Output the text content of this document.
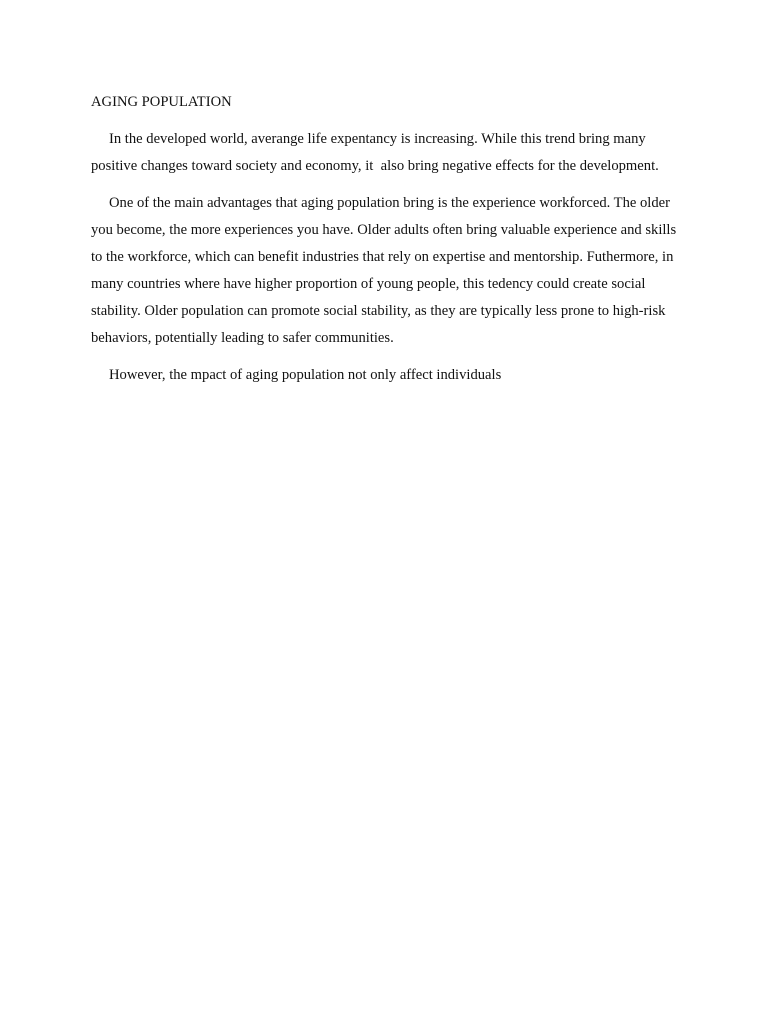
AGING POPULATION

In the developed world, averange life expentancy is increasing. While this trend bring many positive changes toward society and economy, it  also bring negative effects for the development.

One of the main advantages that aging population bring is the experience workforced. The older you become, the more experiences you have. Older adults often bring valuable experience and skills to the workforce, which can benefit industries that rely on expertise and mentorship. Futhermore, in many countries where have higher proportion of young people, this tedency could create social stability. Older population can promote social stability, as they are typically less prone to high-risk behaviors, potentially leading to safer communities.

However, the mpact of aging population not only affect individuals
